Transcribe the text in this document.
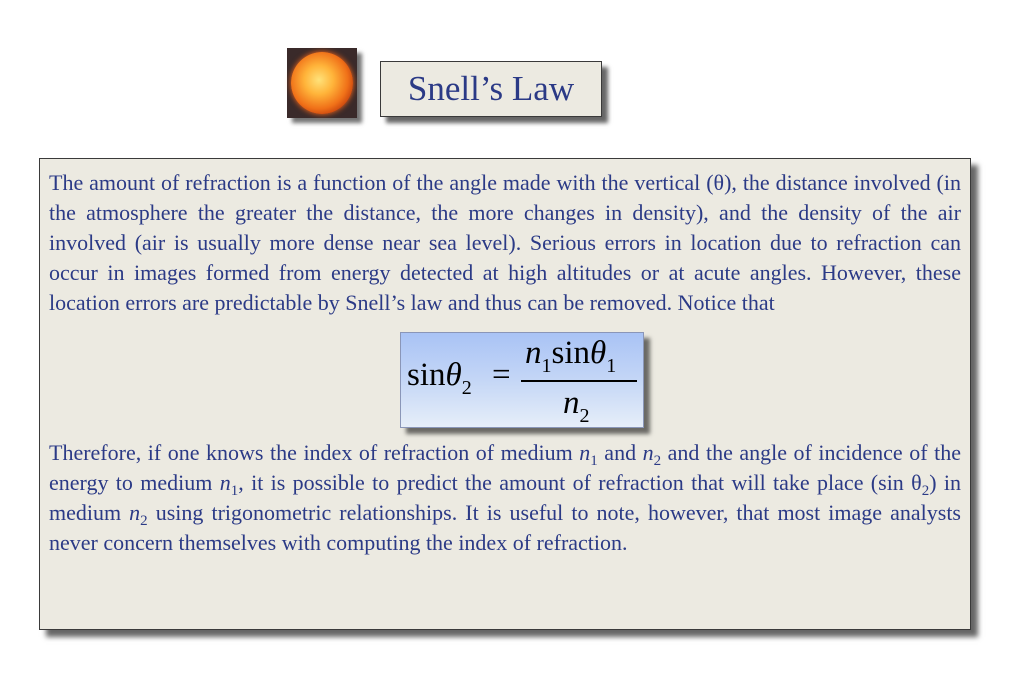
Snell’s Law

The amount of refraction is a function of the angle made with the vertical (θ), the distance involved (in the atmosphere the greater the distance, the more changes in density), and the density of the air involved (air is usually more dense near sea level). Serious errors in location due to refraction can occur in images formed from energy detected at high altitudes or at acute angles. However, these location errors are predictable by Snell’s law and thus can be removed. Notice that

sinθ$_2$ =
$n_1\sin\theta_1$
$n_2$

Therefore, if one knows the index of refraction of medium $n_1$ and $n_2$ and the angle of incidence of the energy to medium $n_1$, it is possible to predict the amount of refraction that will take place (sin $\theta_2$) in medium $n_2$ using trigonometric relationships. It is useful to note, however, that most image analysts never concern themselves with computing the index of refraction.
